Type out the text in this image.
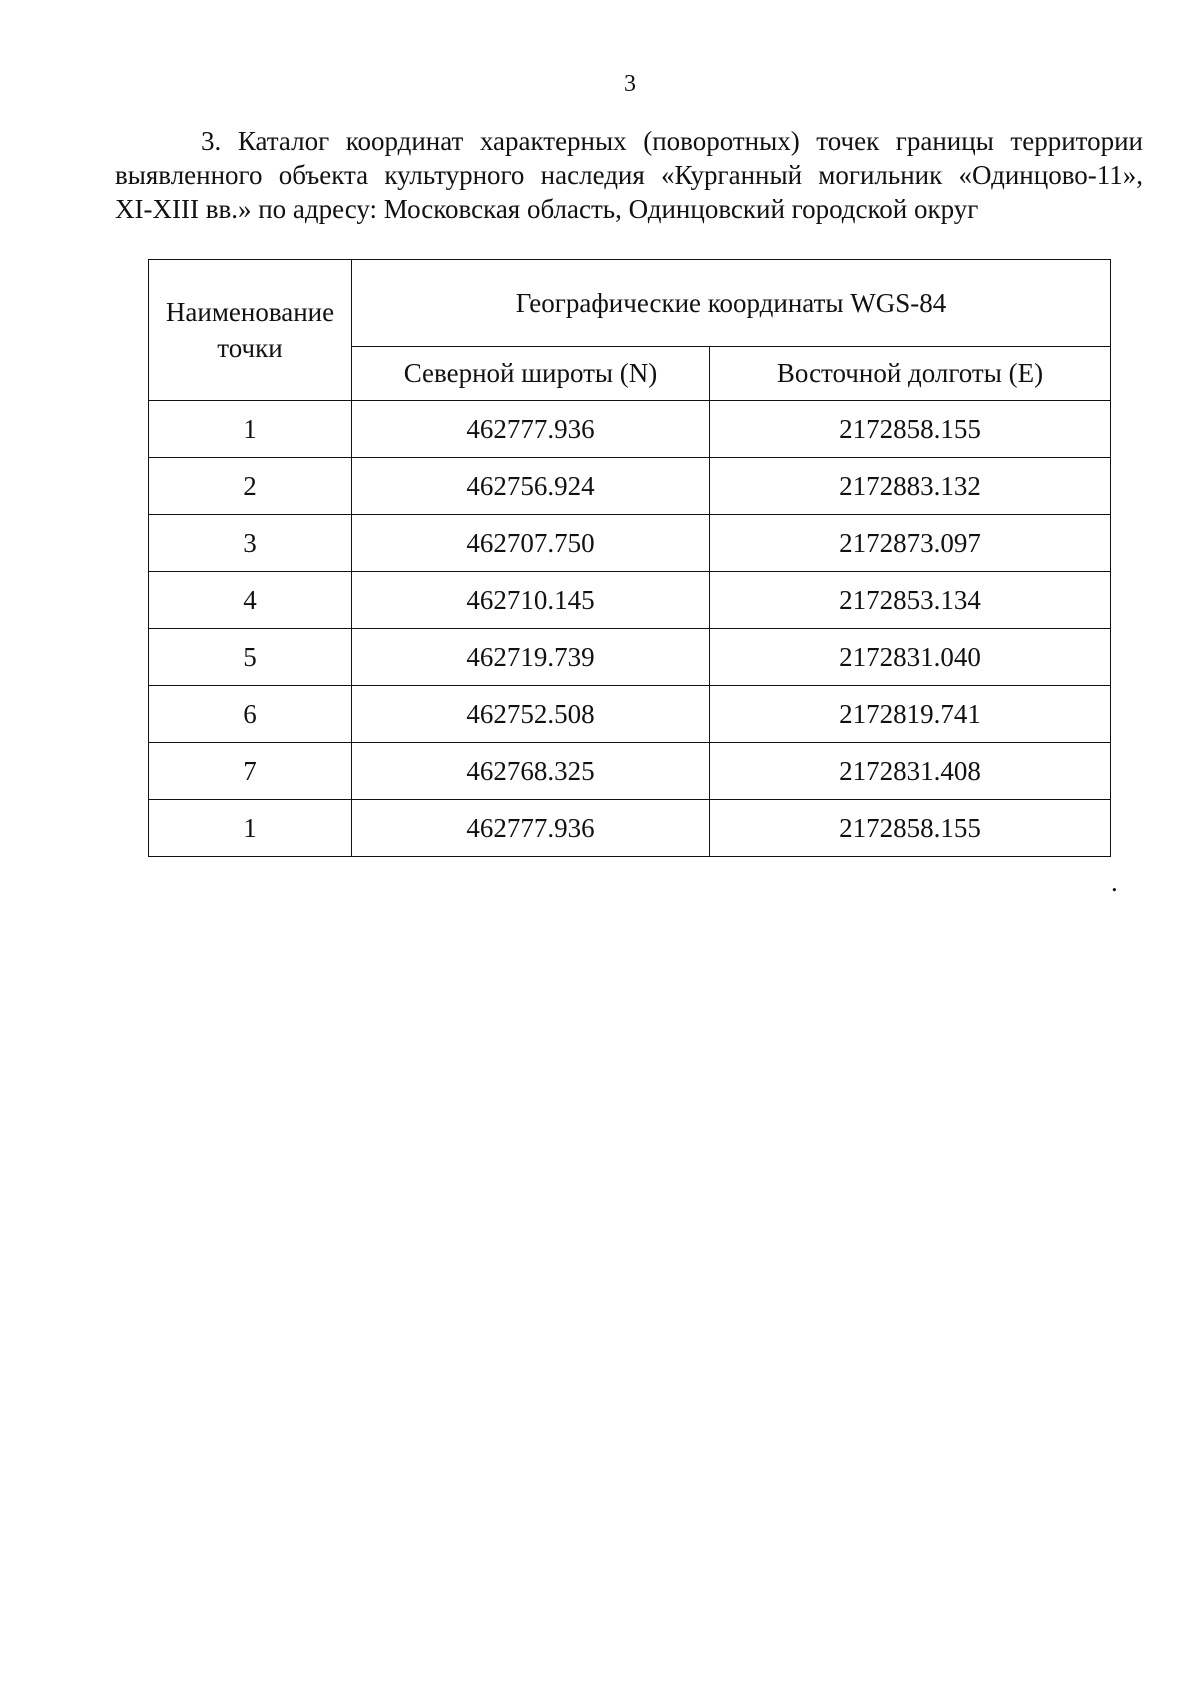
3
3. Каталог координат характерных (поворотных) точек границы территории
выявленного объекта культурного наследия «Курганный могильник «Одинцово-11»,
XI-XIII вв.» по адресу: Московская область, Одинцовский городской округ
Наименование
точки	Географические координаты WGS-84	
	Северной широты (N)	Восточной долготы (E)
1	462777.936	2172858.155
2	462756.924	2172883.132
3	462707.750	2172873.097
4	462710.145	2172853.134
5	462719.739	2172831.040
6	462752.508	2172819.741
7	462768.325	2172831.408
1	462777.936	2172858.155
.
